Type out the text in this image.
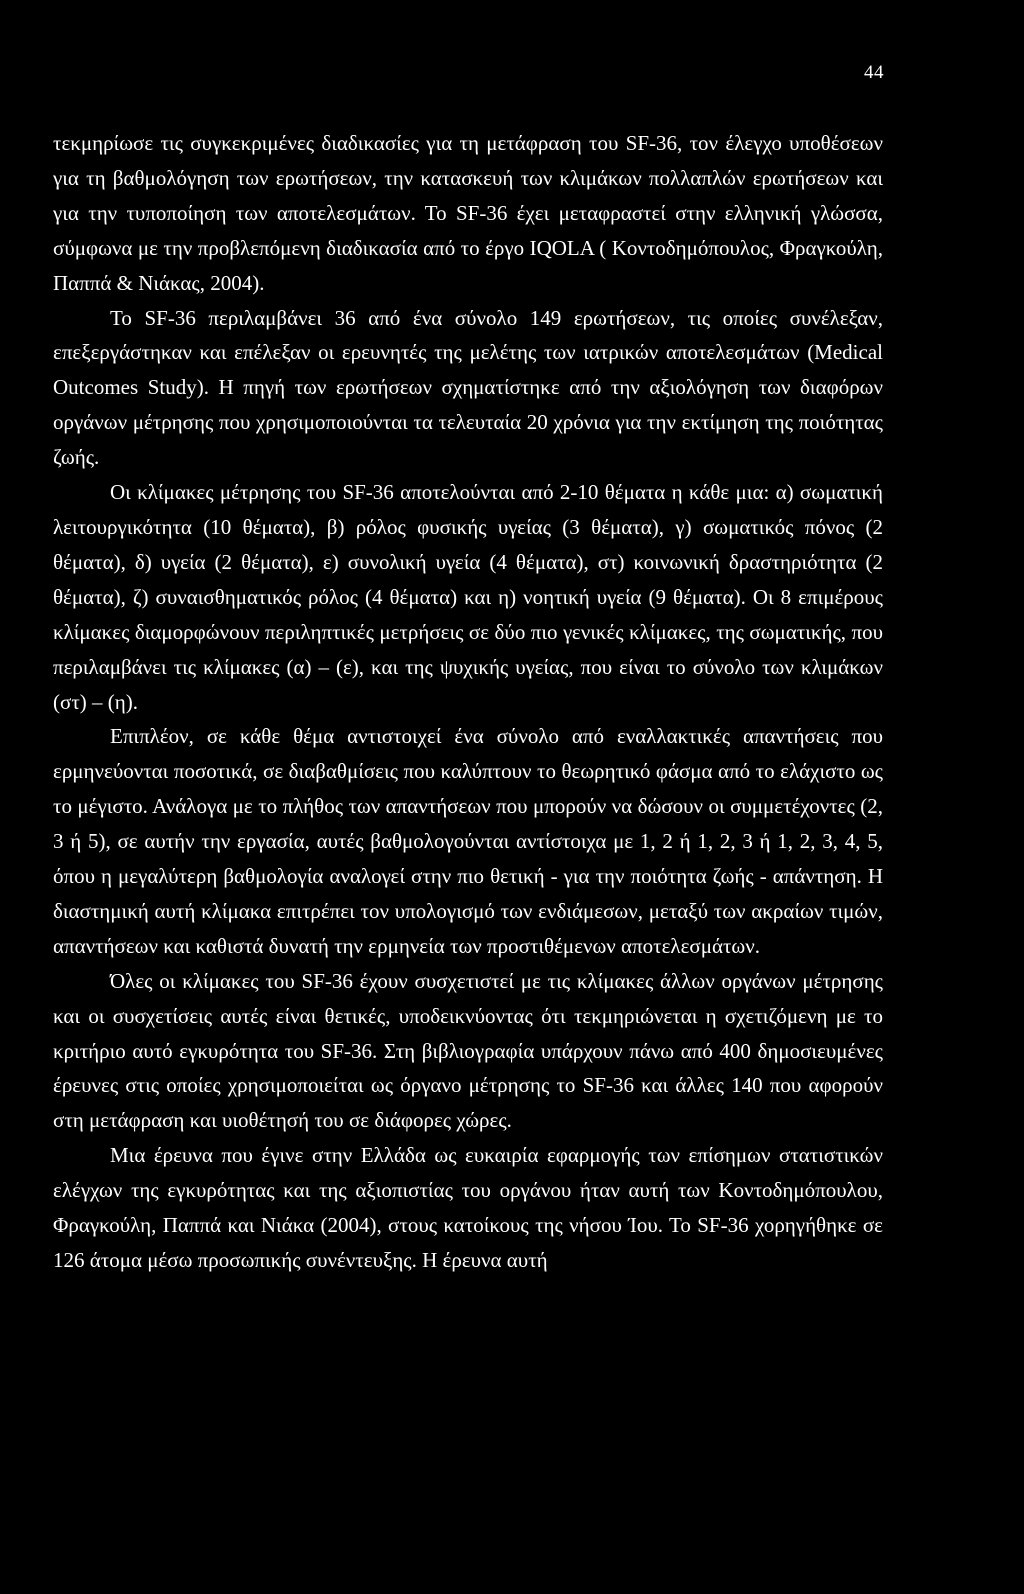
44

τεκμηρίωσε τις συγκεκριμένες διαδικασίες για τη μετάφραση του SF-36, τον έλεγχο υποθέσεων για τη βαθμολόγηση των ερωτήσεων, την κατασκευή των κλιμάκων πολλαπλών ερωτήσεων και για την τυποποίηση των αποτελεσμάτων. Το SF-36 έχει μεταφραστεί στην ελληνική γλώσσα, σύμφωνα με την προβλεπόμενη διαδικασία από το έργο IQOLA ( Κοντοδημόπουλος, Φραγκούλη, Παππά & Νιάκας, 2004).

Το SF-36 περιλαμβάνει 36 από ένα σύνολο 149 ερωτήσεων, τις οποίες συνέλεξαν, επεξεργάστηκαν και επέλεξαν οι ερευνητές της μελέτης των ιατρικών αποτελεσμάτων (Medical Outcomes Study). Η πηγή των ερωτήσεων σχηματίστηκε από την αξιολόγηση των διαφόρων οργάνων μέτρησης που χρησιμοποιούνται τα τελευταία 20 χρόνια για την εκτίμηση της ποιότητας ζωής.

Οι κλίμακες μέτρησης του SF-36 αποτελούνται από 2-10 θέματα η κάθε μια: α) σωματική λειτουργικότητα (10 θέματα), β) ρόλος φυσικής υγείας (3 θέματα), γ) σωματικός πόνος (2 θέματα), δ) υγεία (2 θέματα), ε) συνολική υγεία (4 θέματα), στ) κοινωνική δραστηριότητα (2 θέματα), ζ) συναισθηματικός ρόλος (4 θέματα) και η) νοητική υγεία (9 θέματα). Οι 8 επιμέρους κλίμακες διαμορφώνουν περιληπτικές μετρήσεις σε δύο πιο γενικές κλίμακες, της σωματικής, που περιλαμβάνει τις κλίμακες (α) – (ε), και της ψυχικής υγείας, που είναι το σύνολο των κλιμάκων (στ) – (η).

Επιπλέον, σε κάθε θέμα αντιστοιχεί ένα σύνολο από εναλλακτικές απαντήσεις που ερμηνεύονται ποσοτικά, σε διαβαθμίσεις που καλύπτουν το θεωρητικό φάσμα από το ελάχιστο ως το μέγιστο. Ανάλογα με το πλήθος των απαντήσεων που μπορούν να δώσουν οι συμμετέχοντες (2, 3 ή 5), σε αυτήν την εργασία, αυτές βαθμολογούνται αντίστοιχα με 1, 2 ή 1, 2, 3 ή 1, 2, 3, 4, 5, όπου η μεγαλύτερη βαθμολογία αναλογεί στην πιο θετική - για την ποιότητα ζωής - απάντηση. Η διαστημική αυτή κλίμακα επιτρέπει τον υπολογισμό των ενδιάμεσων, μεταξύ των ακραίων τιμών, απαντήσεων και καθιστά δυνατή την ερμηνεία των προστιθέμενων αποτελεσμάτων.

Όλες οι κλίμακες του SF-36 έχουν συσχετιστεί με τις κλίμακες άλλων οργάνων μέτρησης και οι συσχετίσεις αυτές είναι θετικές, υποδεικνύοντας ότι τεκμηριώνεται η σχετιζόμενη με το κριτήριο αυτό εγκυρότητα του SF-36. Στη βιβλιογραφία υπάρχουν πάνω από 400 δημοσιευμένες έρευνες στις οποίες χρησιμοποιείται ως όργανο μέτρησης το SF-36 και άλλες 140 που αφορούν στη μετάφραση και υιοθέτησή του σε διάφορες χώρες.

Μια έρευνα που έγινε στην Ελλάδα ως ευκαιρία εφαρμογής των επίσημων στατιστικών ελέγχων της εγκυρότητας και της αξιοπιστίας του οργάνου ήταν αυτή των Κοντοδημόπουλου, Φραγκούλη, Παππά και Νιάκα (2004), στους κατοίκους της νήσου Ίου. Το SF-36 χορηγήθηκε σε 126 άτομα μέσω προσωπικής συνέντευξης. Η έρευνα αυτή
